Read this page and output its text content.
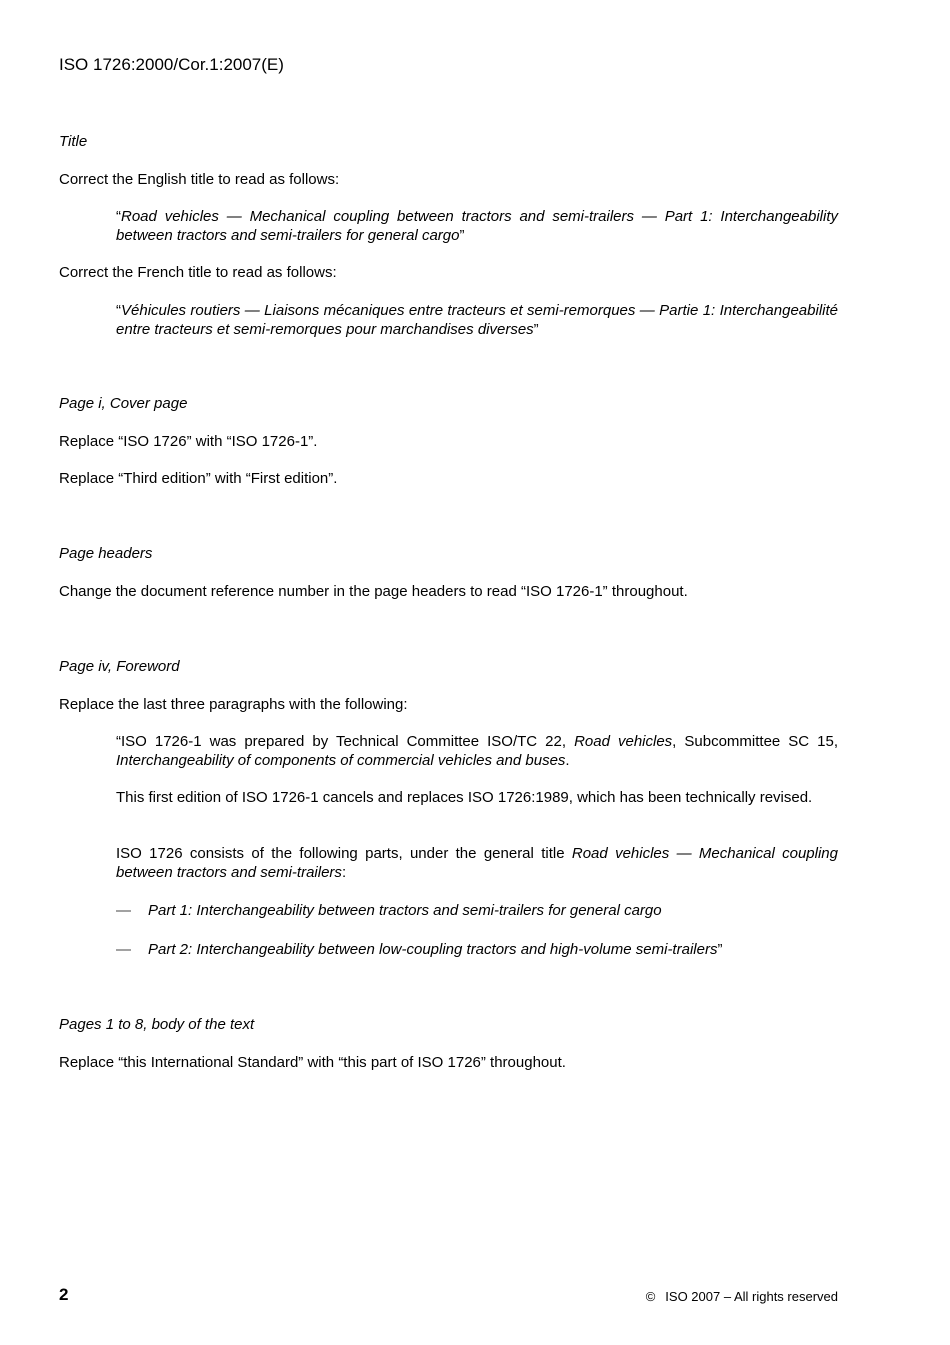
ISO 1726:2000/Cor.1:2007(E)

Title

Correct the English title to read as follows:

“Road vehicles — Mechanical coupling between tractors and semi-trailers — Part 1: Interchangeability between tractors and semi-trailers for general cargo”

Correct the French title to read as follows:

“Véhicules routiers — Liaisons mécaniques entre tracteurs et semi-remorques — Partie 1: Interchangeabilité entre tracteurs et semi-remorques pour marchandises diverses”

Page i, Cover page

Replace “ISO 1726” with “ISO 1726-1”.

Replace “Third edition” with “First edition”.

Page headers

Change the document reference number in the page headers to read “ISO 1726-1” throughout.

Page iv, Foreword

Replace the last three paragraphs with the following:

“ISO 1726-1 was prepared by Technical Committee ISO/TC 22, Road vehicles, Subcommittee SC 15, Interchangeability of components of commercial vehicles and buses.

This first edition of ISO 1726-1 cancels and replaces ISO 1726:1989, which has been technically revised.

ISO 1726 consists of the following parts, under the general title Road vehicles — Mechanical coupling between tractors and semi-trailers:

— Part 1: Interchangeability between tractors and semi-trailers for general cargo
— Part 2: Interchangeability between low-coupling tractors and high-volume semi-trailers”

Pages 1 to 8, body of the text

Replace “this International Standard” with “this part of ISO 1726” throughout.

2	© ISO 2007 – All rights reserved
